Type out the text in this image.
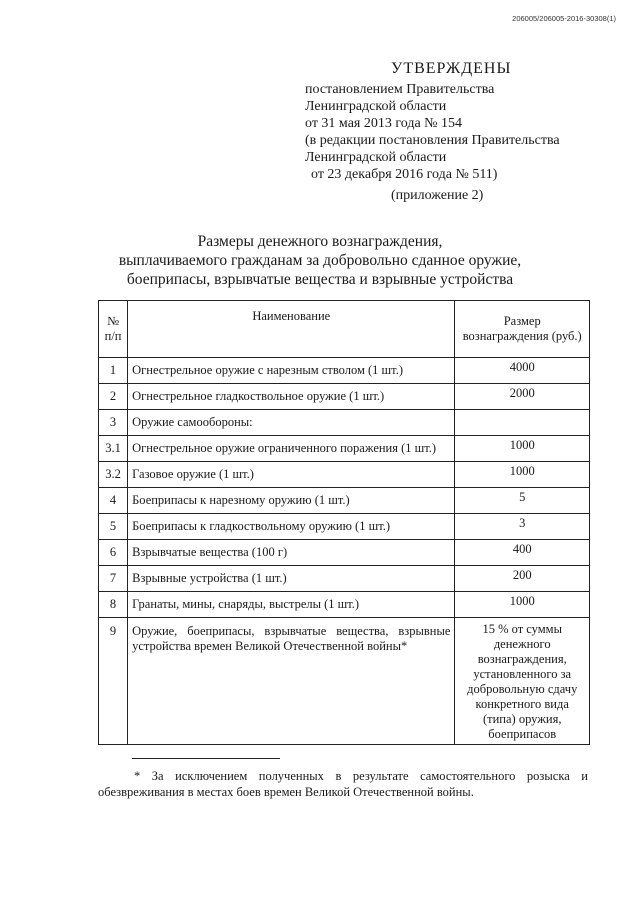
206005/206005-2016-30308(1)
УТВЕРЖДЕНЫ
постановлением Правительства
Ленинградской области
от 31 мая 2013 года № 154
(в редакции постановления Правительства
Ленинградской области
от 23 декабря 2016 года № 511)
(приложение 2)
Размеры денежного вознаграждения,
выплачиваемого гражданам за добровольно сданное оружие,
боеприпасы, взрывчатые вещества и взрывные устройства
№ п/п	Наименование	Размер вознаграждения (руб.)
1	Огнестрельное оружие с нарезным стволом (1 шт.)	4000
2	Огнестрельное гладкоствольное оружие (1 шт.)	2000
3	Оружие самообороны:	
3.1	Огнестрельное оружие ограниченного поражения (1 шт.)	1000
3.2	Газовое оружие (1 шт.)	1000
4	Боеприпасы к нарезному оружию (1 шт.)	5
5	Боеприпасы к гладкоствольному оружию (1 шт.)	3
6	Взрывчатые вещества (100 г)	400
7	Взрывные устройства (1 шт.)	200
8	Гранаты, мины, снаряды, выстрелы (1 шт.)	1000
9	Оружие, боеприпасы, взрывчатые вещества, взрывные устройства времен Великой Отечественной войны*	15 % от суммы денежного вознаграждения, установленного за добровольную сдачу конкретного вида (типа) оружия, боеприпасов
* За исключением полученных в результате самостоятельного розыска и обезвреживания в местах боев времен Великой Отечественной войны.
